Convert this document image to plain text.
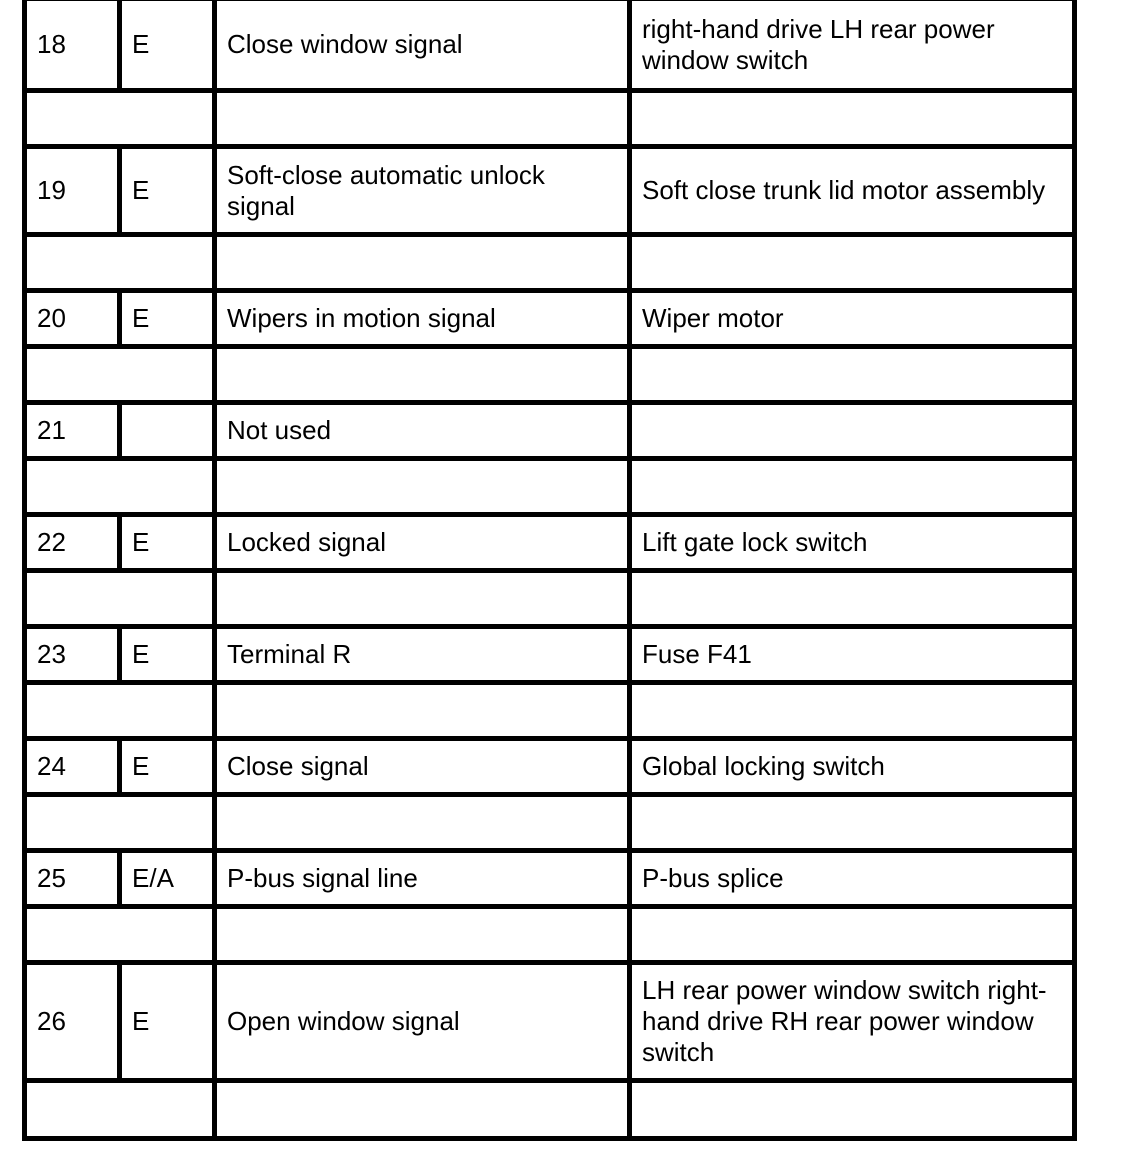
18	E	Close window signal	right-hand drive LH rear power window switch

19	E	Soft-close automatic unlock signal	Soft close trunk lid motor assembly

20	E	Wipers in motion signal	Wiper motor

21		Not used	

22	E	Locked signal	Lift gate lock switch

23	E	Terminal R	Fuse F41

24	E	Close signal	Global locking switch

25	E/A	P-bus signal line	P-bus splice

26	E	Open window signal	LH rear power window switch right-hand drive RH rear power window switch
